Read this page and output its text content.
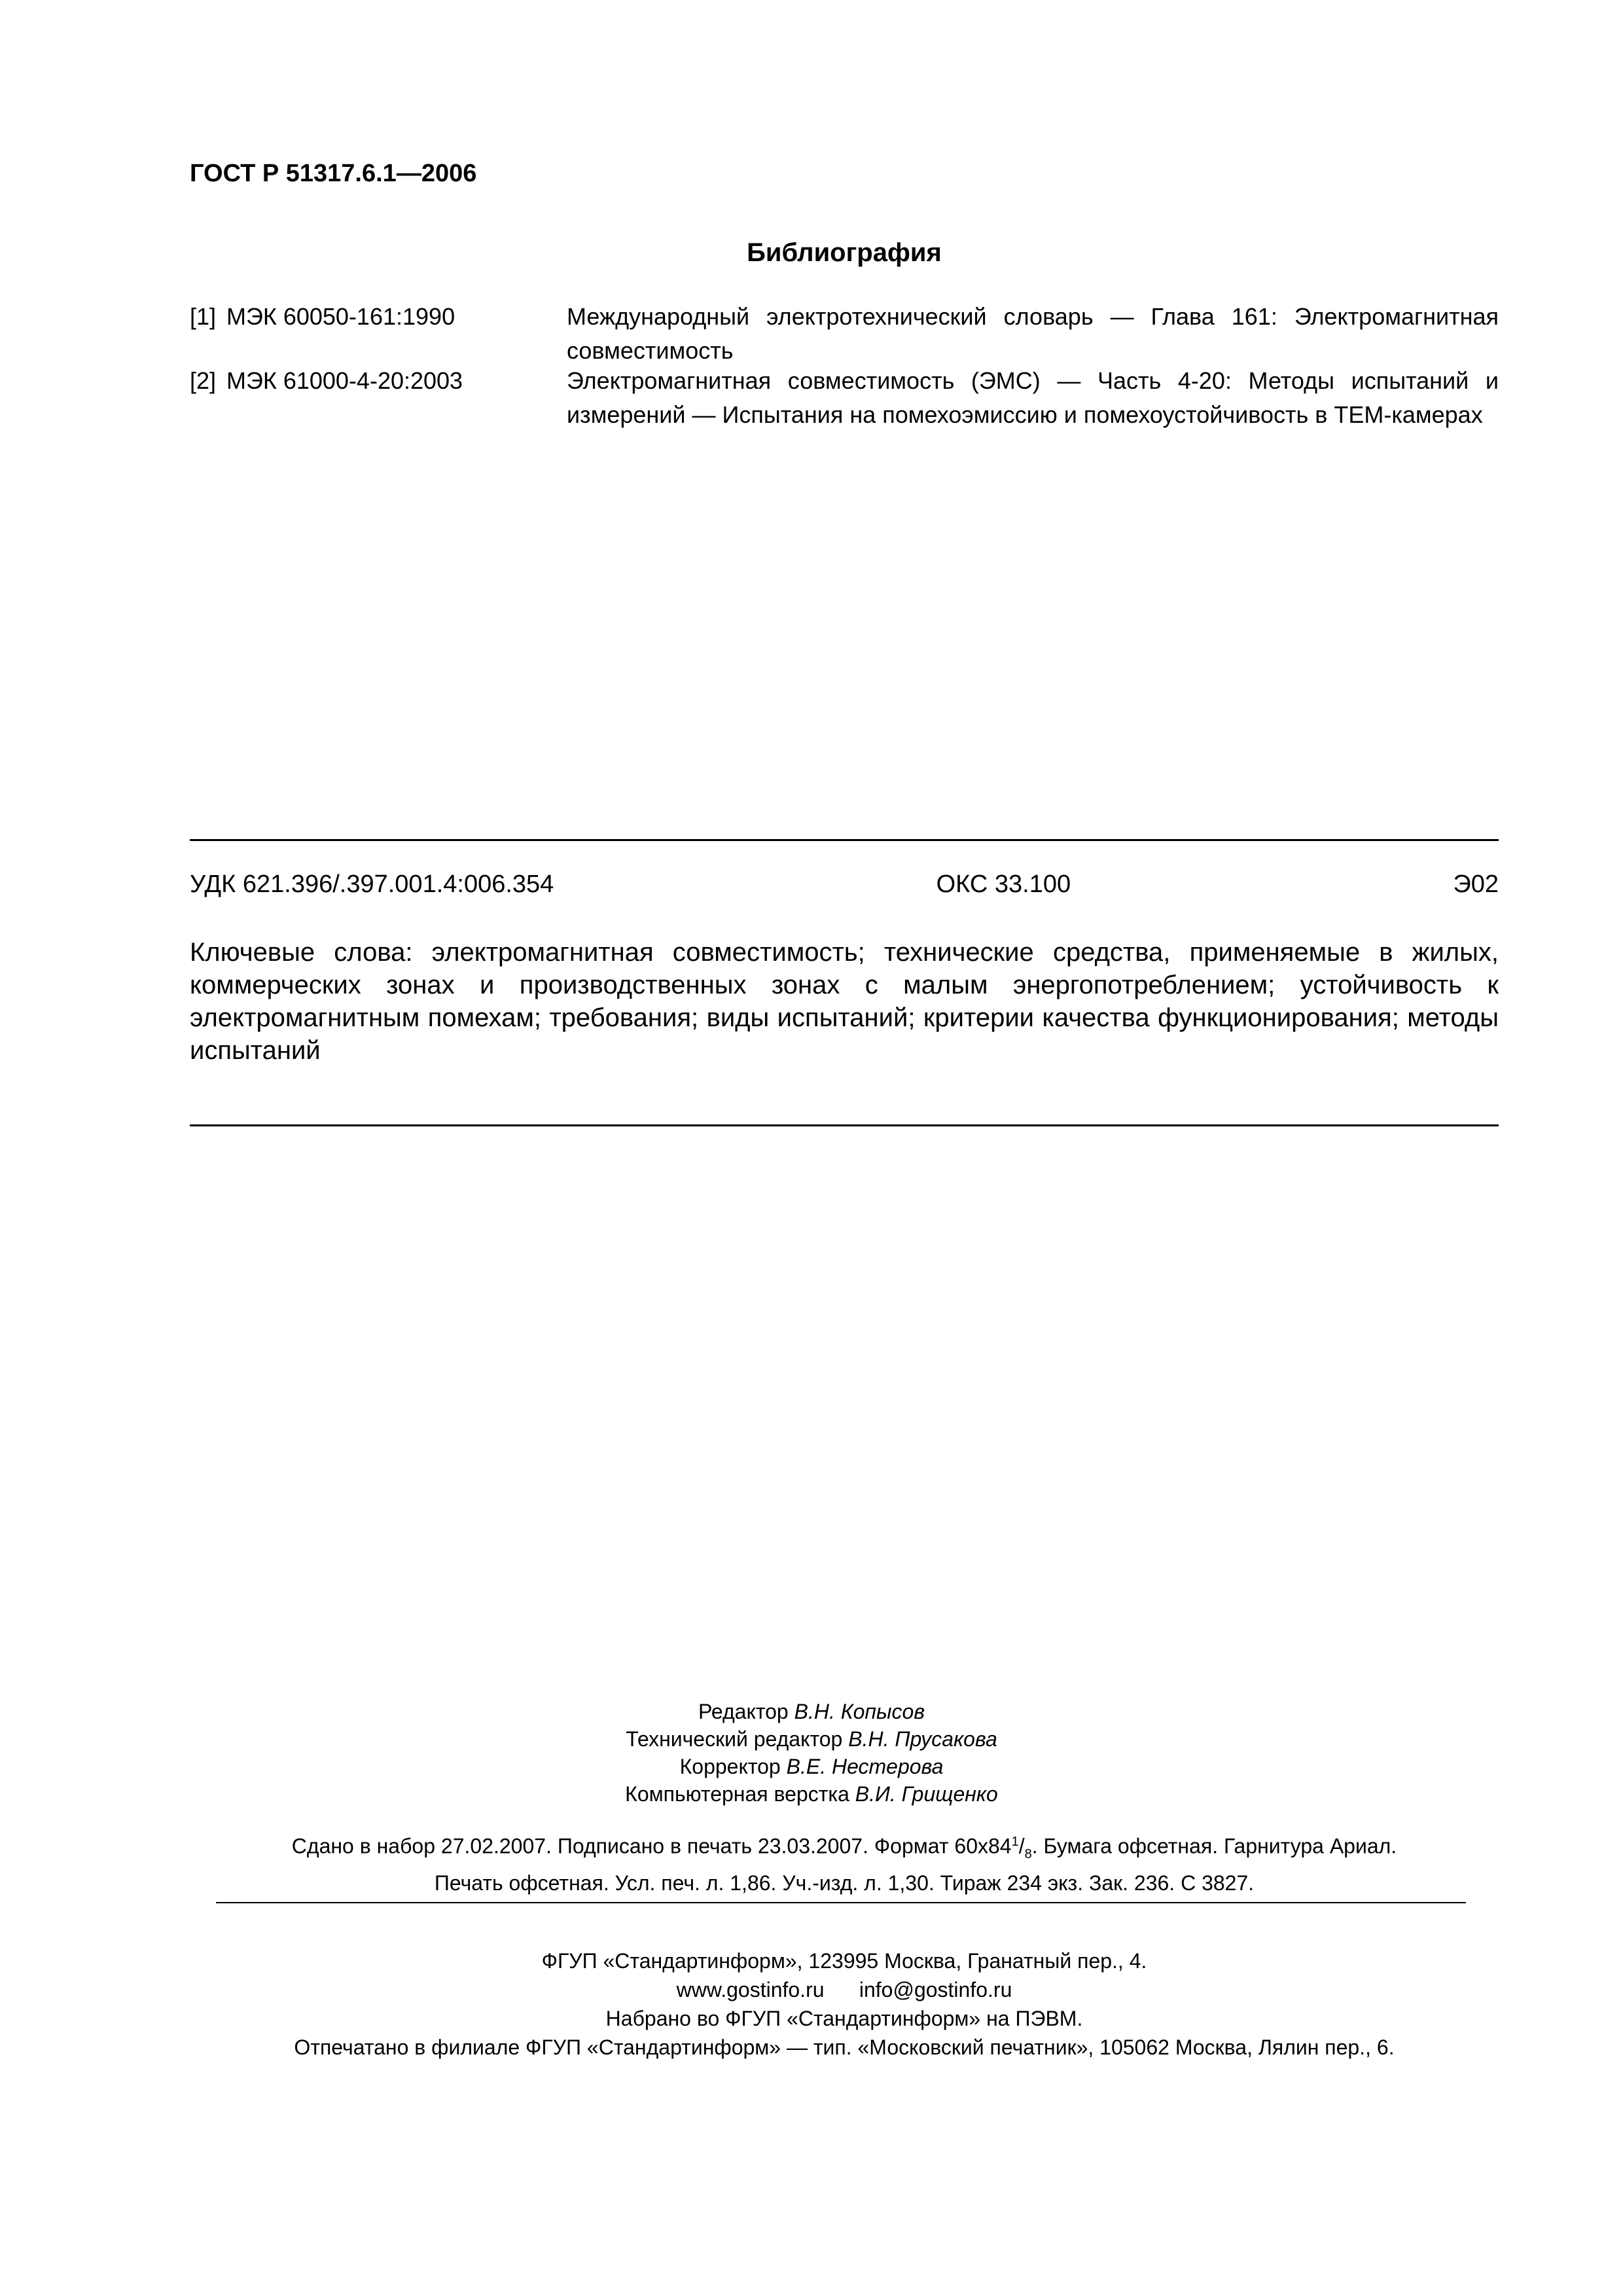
ГОСТ Р 51317.6.1—2006
Библиография
[1] МЭК 60050-161:1990	Международный электротехнический словарь — Глава 161: Электромагнитная совместимость
[2] МЭК 61000-4-20:2003	Электромагнитная совместимость (ЭМС) — Часть 4-20: Методы испытаний и измерений — Испытания на помехоэмиссию и помехоустойчивость в ТЕМ-камерах
УДК 621.396/.397.001.4:006.354	ОКС 33.100	Э02
Ключевые слова: электромагнитная совместимость; технические средства, применяемые в жилых, коммерческих зонах и производственных зонах с малым энергопотреблением; устойчивость к электромагнитным помехам; требования; виды испытаний; критерии качества функционирования; методы испытаний
Редактор В.Н. Копысов
Технический редактор В.Н. Прусакова
Корректор В.Е. Нестерова
Компьютерная верстка В.И. Грищенко
Сдано в набор 27.02.2007. Подписано в печать 23.03.2007. Формат $60x84^1/_8$. Бумага офсетная. Гарнитура Ариал.
Печать офсетная. Усл. печ. л. 1,86. Уч.-изд. л. 1,30. Тираж 234 экз. Зак. 236. С 3827.
ФГУП «Стандартинформ», 123995 Москва, Гранатный пер., 4.
www.gostinfo.ru info@gostinfo.ru
Набрано во ФГУП «Стандартинформ» на ПЭВМ.
Отпечатано в филиале ФГУП «Стандартинформ» — тип. «Московский печатник», 105062 Москва, Лялин пер., 6.
